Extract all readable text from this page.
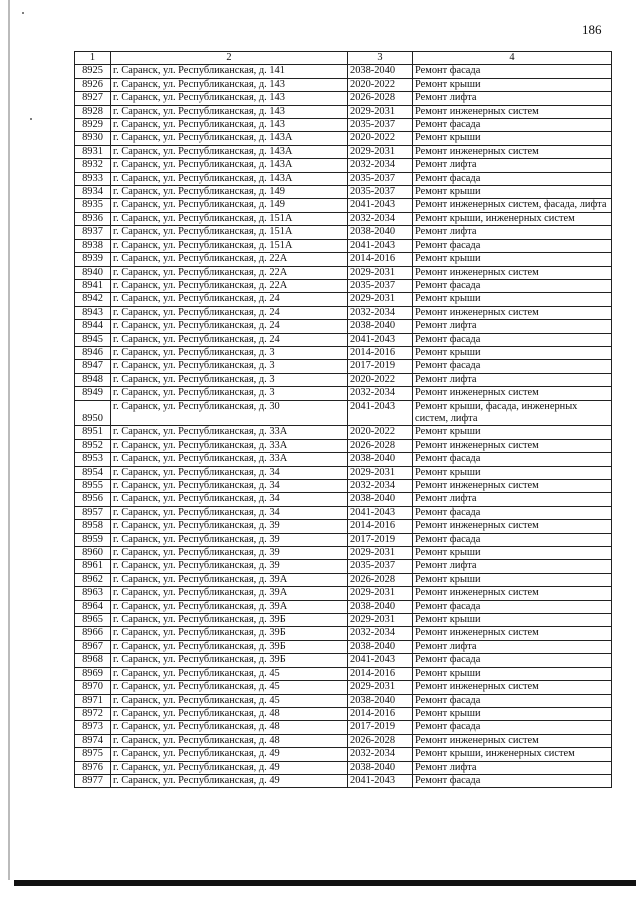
186
1	2	3	4
8925	г. Саранск, ул. Республиканская, д. 141	2038-2040	Ремонт фасада
8926	г. Саранск, ул. Республиканская, д. 143	2020-2022	Ремонт крыши
8927	г. Саранск, ул. Республиканская, д. 143	2026-2028	Ремонт лифта
8928	г. Саранск, ул. Республиканская, д. 143	2029-2031	Ремонт инженерных систем
8929	г. Саранск, ул. Республиканская, д. 143	2035-2037	Ремонт фасада
8930	г. Саранск, ул. Республиканская, д. 143А	2020-2022	Ремонт крыши
8931	г. Саранск, ул. Республиканская, д. 143А	2029-2031	Ремонт инженерных систем
8932	г. Саранск, ул. Республиканская, д. 143А	2032-2034	Ремонт лифта
8933	г. Саранск, ул. Республиканская, д. 143А	2035-2037	Ремонт фасада
8934	г. Саранск, ул. Республиканская, д. 149	2035-2037	Ремонт крыши
8935	г. Саранск, ул. Республиканская, д. 149	2041-2043	Ремонт инженерных систем, фасада, лифта
8936	г. Саранск, ул. Республиканская, д. 151А	2032-2034	Ремонт крыши, инженерных систем
8937	г. Саранск, ул. Республиканская, д. 151А	2038-2040	Ремонт лифта
8938	г. Саранск, ул. Республиканская, д. 151А	2041-2043	Ремонт фасада
8939	г. Саранск, ул. Республиканская, д. 22А	2014-2016	Ремонт крыши
8940	г. Саранск, ул. Республиканская, д. 22А	2029-2031	Ремонт инженерных систем
8941	г. Саранск, ул. Республиканская, д. 22А	2035-2037	Ремонт фасада
8942	г. Саранск, ул. Республиканская, д. 24	2029-2031	Ремонт крыши
8943	г. Саранск, ул. Республиканская, д. 24	2032-2034	Ремонт инженерных систем
8944	г. Саранск, ул. Республиканская, д. 24	2038-2040	Ремонт лифта
8945	г. Саранск, ул. Республиканская, д. 24	2041-2043	Ремонт фасада
8946	г. Саранск, ул. Республиканская, д. 3	2014-2016	Ремонт крыши
8947	г. Саранск, ул. Республиканская, д. 3	2017-2019	Ремонт фасада
8948	г. Саранск, ул. Республиканская, д. 3	2020-2022	Ремонт лифта
8949	г. Саранск, ул. Республиканская, д. 3	2032-2034	Ремонт инженерных систем
8950	г. Саранск, ул. Республиканская, д. 30	2041-2043	Ремонт крыши, фасада, инженерных систем, лифта
8951	г. Саранск, ул. Республиканская, д. 33А	2020-2022	Ремонт крыши
8952	г. Саранск, ул. Республиканская, д. 33А	2026-2028	Ремонт инженерных систем
8953	г. Саранск, ул. Республиканская, д. 33А	2038-2040	Ремонт фасада
8954	г. Саранск, ул. Республиканская, д. 34	2029-2031	Ремонт крыши
8955	г. Саранск, ул. Республиканская, д. 34	2032-2034	Ремонт инженерных систем
8956	г. Саранск, ул. Республиканская, д. 34	2038-2040	Ремонт лифта
8957	г. Саранск, ул. Республиканская, д. 34	2041-2043	Ремонт фасада
8958	г. Саранск, ул. Республиканская, д. 39	2014-2016	Ремонт инженерных систем
8959	г. Саранск, ул. Республиканская, д. 39	2017-2019	Ремонт фасада
8960	г. Саранск, ул. Республиканская, д. 39	2029-2031	Ремонт крыши
8961	г. Саранск, ул. Республиканская, д. 39	2035-2037	Ремонт лифта
8962	г. Саранск, ул. Республиканская, д. 39А	2026-2028	Ремонт крыши
8963	г. Саранск, ул. Республиканская, д. 39А	2029-2031	Ремонт инженерных систем
8964	г. Саранск, ул. Республиканская, д. 39А	2038-2040	Ремонт фасада
8965	г. Саранск, ул. Республиканская, д. 39Б	2029-2031	Ремонт крыши
8966	г. Саранск, ул. Республиканская, д. 39Б	2032-2034	Ремонт инженерных систем
8967	г. Саранск, ул. Республиканская, д. 39Б	2038-2040	Ремонт лифта
8968	г. Саранск, ул. Республиканская, д. 39Б	2041-2043	Ремонт фасада
8969	г. Саранск, ул. Республиканская, д. 45	2014-2016	Ремонт крыши
8970	г. Саранск, ул. Республиканская, д. 45	2029-2031	Ремонт инженерных систем
8971	г. Саранск, ул. Республиканская, д. 45	2038-2040	Ремонт фасада
8972	г. Саранск, ул. Республиканская, д. 48	2014-2016	Ремонт крыши
8973	г. Саранск, ул. Республиканская, д. 48	2017-2019	Ремонт фасада
8974	г. Саранск, ул. Республиканская, д. 48	2026-2028	Ремонт инженерных систем
8975	г. Саранск, ул. Республиканская, д. 49	2032-2034	Ремонт крыши, инженерных систем
8976	г. Саранск, ул. Республиканская, д. 49	2038-2040	Ремонт лифта
8977	г. Саранск, ул. Республиканская, д. 49	2041-2043	Ремонт фасада
